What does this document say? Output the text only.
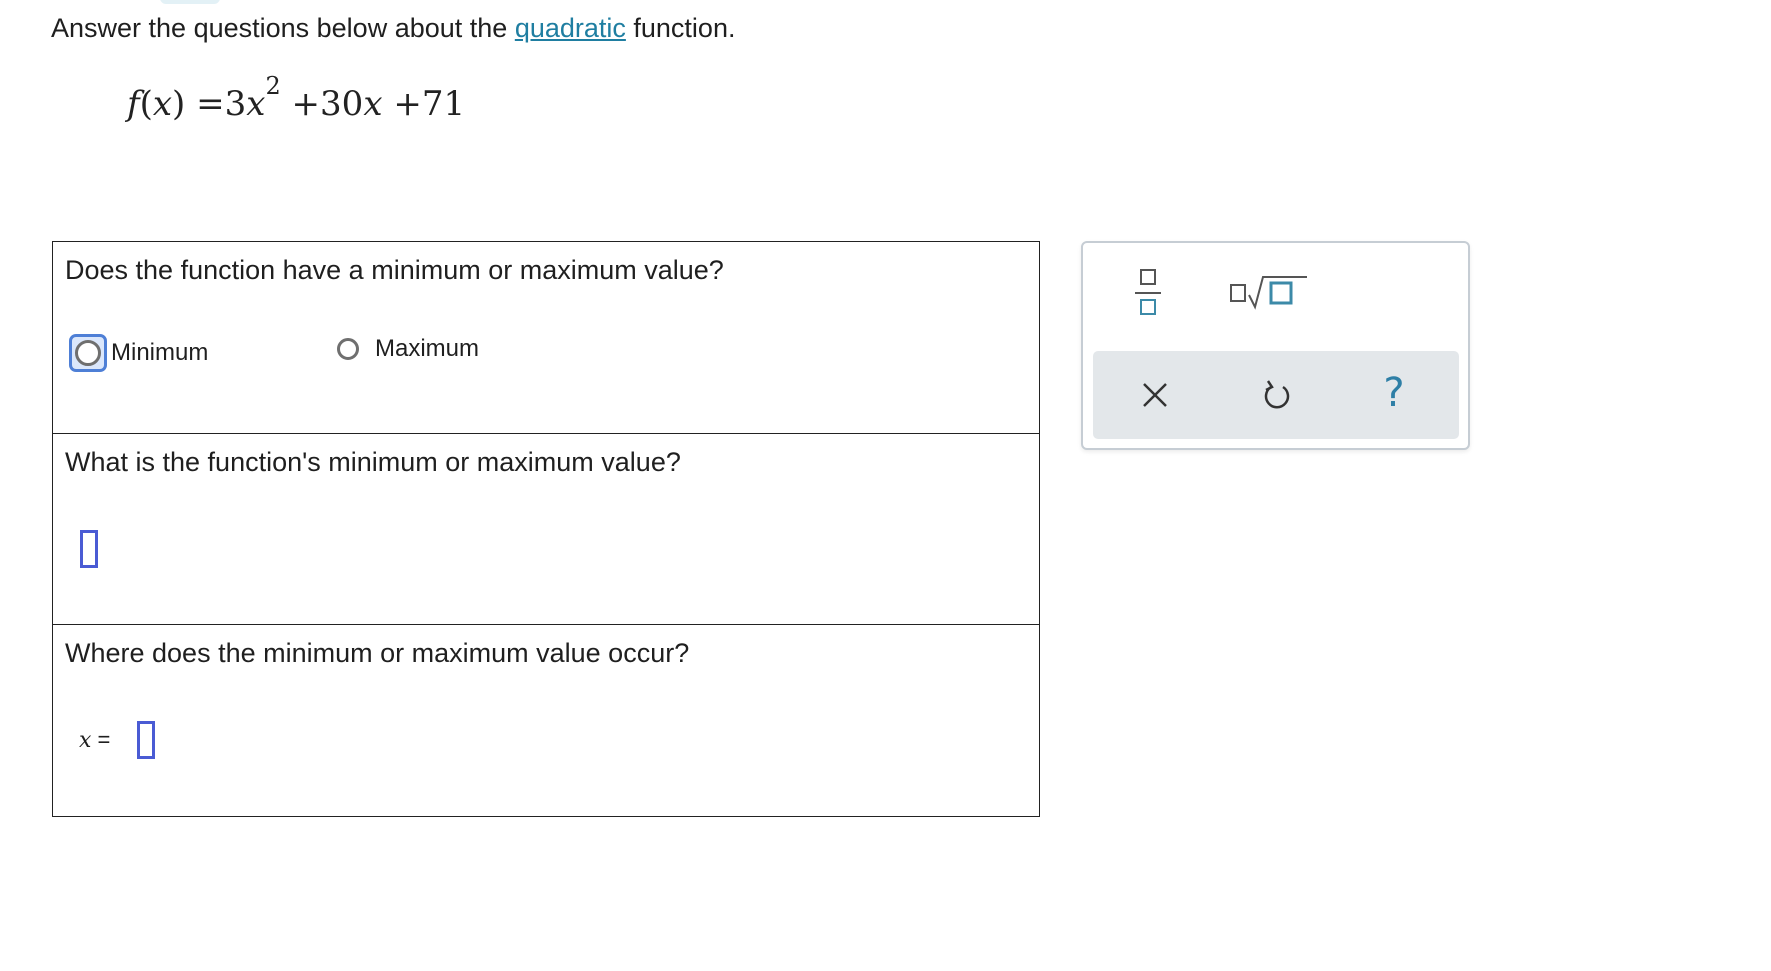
Answer the questions below about the quadratic function.
$f(x) =3x^2 +30x +71$
Does the function have a minimum or maximum value?
Minimum	Maximum
What is the function's minimum or maximum value?
Where does the minimum or maximum value occur?
x =
?
